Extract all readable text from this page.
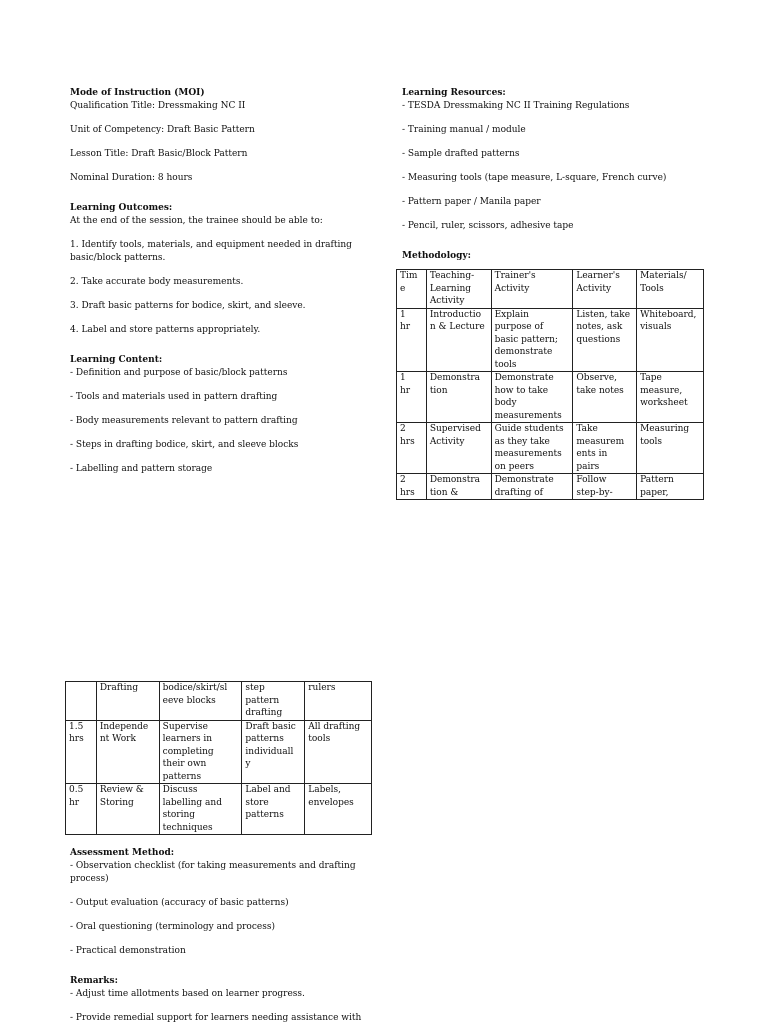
Mode of Instruction (MOI)
Qualification Title: Dressmaking NC II
Unit of Competency: Draft Basic Pattern
Lesson Title: Draft Basic/Block Pattern
Nominal Duration: 8 hours
Learning Outcomes:
At the end of the session, the trainee should be able to:
1. Identify tools, materials, and equipment needed in drafting basic/block patterns.
2. Take accurate body measurements.
3. Draft basic patterns for bodice, skirt, and sleeve.
4. Label and store patterns appropriately.
Learning Content:
- Definition and purpose of basic/block patterns
- Tools and materials used in pattern drafting
- Body measurements relevant to pattern drafting
- Steps in drafting bodice, skirt, and sleeve blocks
- Labelling and pattern storage
Learning Resources:
- TESDA Dressmaking NC II Training Regulations
- Training manual / module
- Sample drafted patterns
- Measuring tools (tape measure, L-square, French curve)
- Pattern paper / Manila paper
- Pencil, ruler, scissors, adhesive tape
Methodology:
Tim
e	Teaching-
Learning
Activity	Trainer's
Activity	Learner's
Activity	Materials/
Tools
1
hr	Introductio
n & Lecture	Explain
purpose of
basic pattern;
demonstrate
tools	Listen, take
notes, ask
questions	Whiteboard,
visuals
1
hr	Demonstra
tion	Demonstrate
how to take
body
measurements	Observe,
take notes	Tape
measure,
worksheet
2
hrs	Supervised
Activity	Guide students
as they take
measurements
on peers	Take
measurem
ents in
pairs	Measuring
tools
2
hrs	Demonstra
tion &	Demonstrate
drafting of	Follow
step-by-	Pattern
paper,
	Drafting	bodice/skirt/sl
eeve blocks	step
pattern
drafting	rulers
1.5
hrs	Independe
nt Work	Supervise
learners in
completing
their own
patterns	Draft basic
patterns
individuall
y	All drafting
tools
0.5
hr	Review &
Storing	Discuss
labelling and
storing
techniques	Label and
store
patterns	Labels,
envelopes
Assessment Method:
- Observation checklist (for taking measurements and drafting process)
- Output evaluation (accuracy of basic patterns)
- Oral questioning (terminology and process)
- Practical demonstration
Remarks:
- Adjust time allotments based on learner progress.
- Provide remedial support for learners needing assistance with
